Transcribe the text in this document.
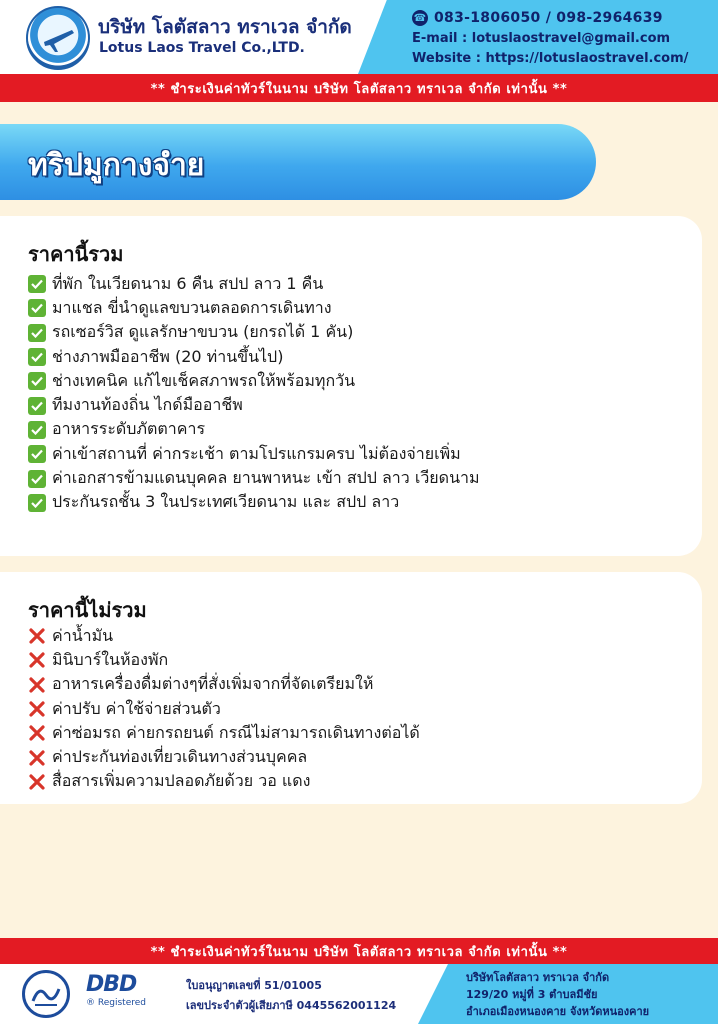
บริษัท โลตัสลาว ทราเวล จำกัด
Lotus Laos Travel Co.,LTD.
☎ 083-1806050 / 098-2964639
E-mail : lotuslaostravel@gmail.com
Website : https://lotuslaostravel.com/
** ชำระเงินค่าทัวร์ในนาม บริษัท โลตัสลาว ทราเวล จำกัด เท่านั้น **
ทริปมูกางจำย
ราคานี้รวม
ที่พัก ในเวียดนาม 6 คืน สปป ลาว 1 คืน
มาแชล ขี่นำดูแลขบวนตลอดการเดินทาง
รถเซอร์วิส ดูแลรักษาขบวน (ยกรถได้ 1 คัน)
ช่างภาพมืออาชีพ (20 ท่านขึ้นไป)
ช่างเทคนิค แก้ไขเช็คสภาพรถให้พร้อมทุกวัน
ทีมงานท้องถิ่น ไกด์มืออาชีพ
อาหารระดับภัตตาคาร
ค่าเข้าสถานที่ ค่ากระเช้า ตามโปรแกรมครบ ไม่ต้องจ่ายเพิ่ม
ค่าเอกสารข้ามแดนบุคคล ยานพาหนะ เข้า สปป ลาว เวียดนาม
ประกันรถชั้น 3 ในประเทศเวียดนาม และ สปป ลาว
ราคานี้ไม่รวม
ค่าน้ำมัน
มินิบาร์ในห้องพัก
อาหารเครื่องดื่มต่างๆที่สั่งเพิ่มจากที่จัดเตรียมให้
ค่าปรับ ค่าใช้จ่ายส่วนตัว
ค่าซ่อมรถ ค่ายกรถยนต์ กรณีไม่สามารถเดินทางต่อได้
ค่าประกันท่องเที่ยวเดินทางส่วนบุคคล
สื่อสารเพิ่มความปลอดภัยด้วย วอ แดง
** ชำระเงินค่าทัวร์ในนาม บริษัท โลตัสลาว ทราเวล จำกัด เท่านั้น **
DBD
® Registered
ใบอนุญาตเลขที่ 51/01005
เลขประจำตัวผู้เสียภาษี 0445562001124
บริษัทโลตัสลาว ทราเวล จำกัด
129/20 หมู่ที่ 3 ตำบลมีชัย
อำเภอเมืองหนองคาย จังหวัดหนองคาย
